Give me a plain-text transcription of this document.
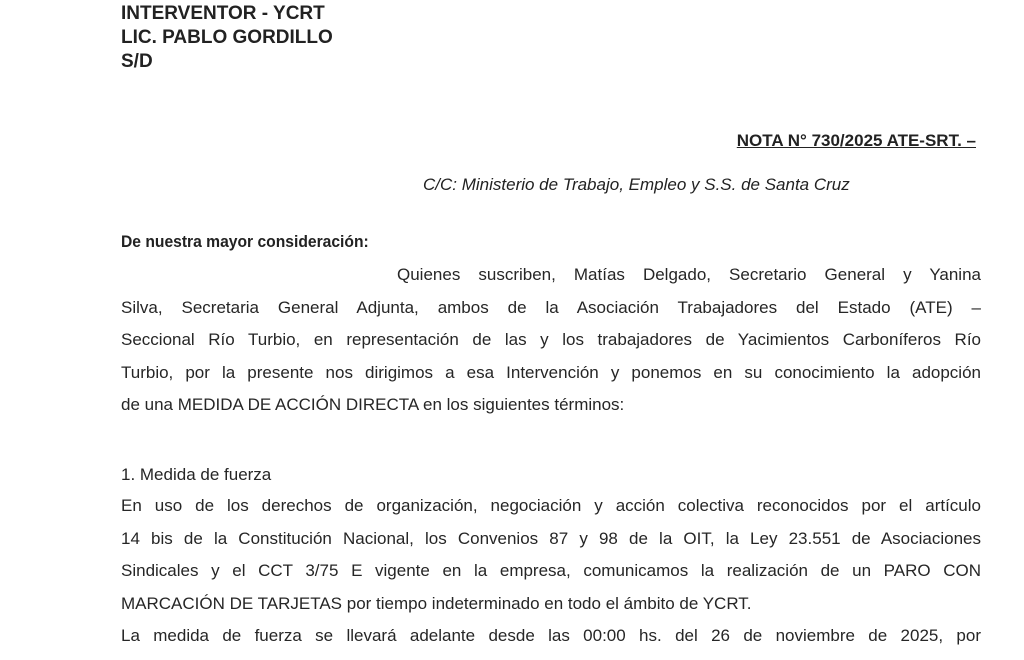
INTERVENTOR - YCRT
LIC. PABLO GORDILLO
S/D
NOTA N° 730/2025 ATE-SRT. –
C/C: Ministerio de Trabajo, Empleo y S.S. de Santa Cruz
De nuestra mayor consideración:
Quienes suscriben, Matías Delgado, Secretario General y Yanina
Silva, Secretaria General Adjunta, ambos de la Asociación Trabajadores del Estado (ATE) –
Seccional Río Turbio, en representación de las y los trabajadores de Yacimientos Carboníferos Río
Turbio, por la presente nos dirigimos a esa Intervención y ponemos en su conocimiento la adopción
de una MEDIDA DE ACCIÓN DIRECTA en los siguientes términos:
1. Medida de fuerza
En uso de los derechos de organización, negociación y acción colectiva reconocidos por el artículo
14 bis de la Constitución Nacional, los Convenios 87 y 98 de la OIT, la Ley 23.551 de Asociaciones
Sindicales y el CCT 3/75 E vigente en la empresa, comunicamos la realización de un PARO CON
MARCACIÓN DE TARJETAS por tiempo indeterminado en todo el ámbito de YCRT.
La medida de fuerza se llevará adelante desde las 00:00 hs. del 26 de noviembre de 2025, por
